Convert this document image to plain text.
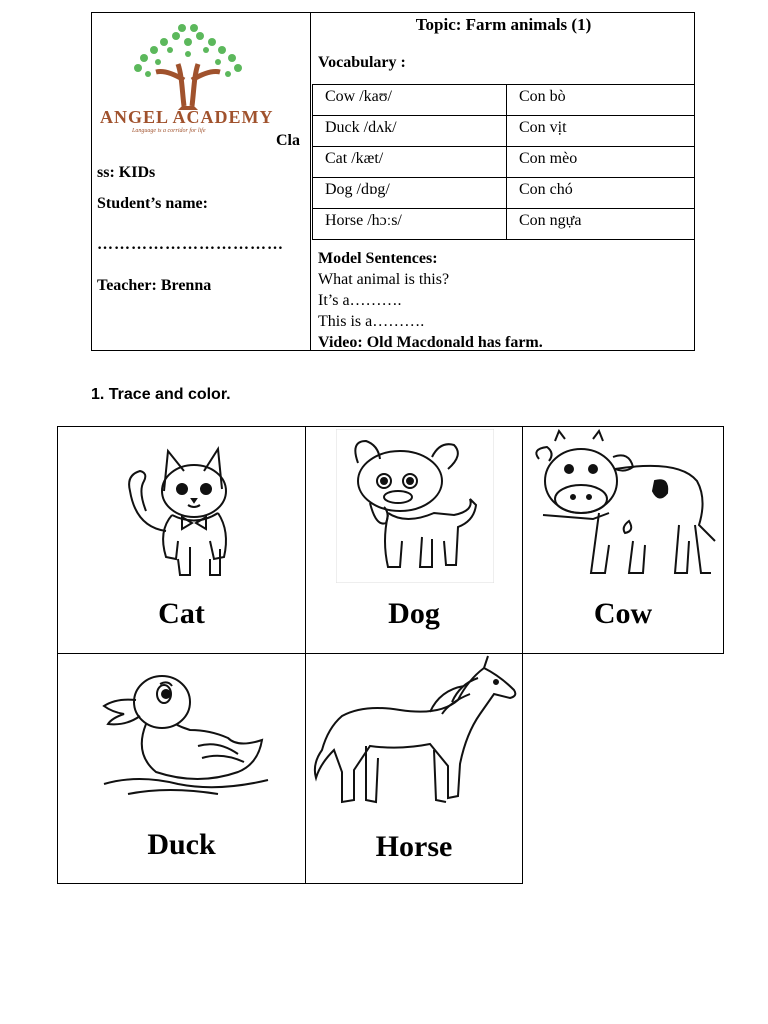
ANGEL ACADEMY
Language is a corridor for life
Cla
ss: KIDs
Student’s name:
……………………………
Teacher: Brenna
Topic: Farm animals (1)
Vocabulary :
Cow /kaʊ/	Con bò
Duck /dʌk/	Con vịt
Cat /kæt/	Con mèo
Dog /dɒg/	Con chó
Horse /hɔːs/	Con ngựa
Model Sentences:
What animal is this?
It’s a……….
This is a……….
Video: Old Macdonald has farm.
1. Trace and color.
Cat	Dog	Cow
Duck	Horse
